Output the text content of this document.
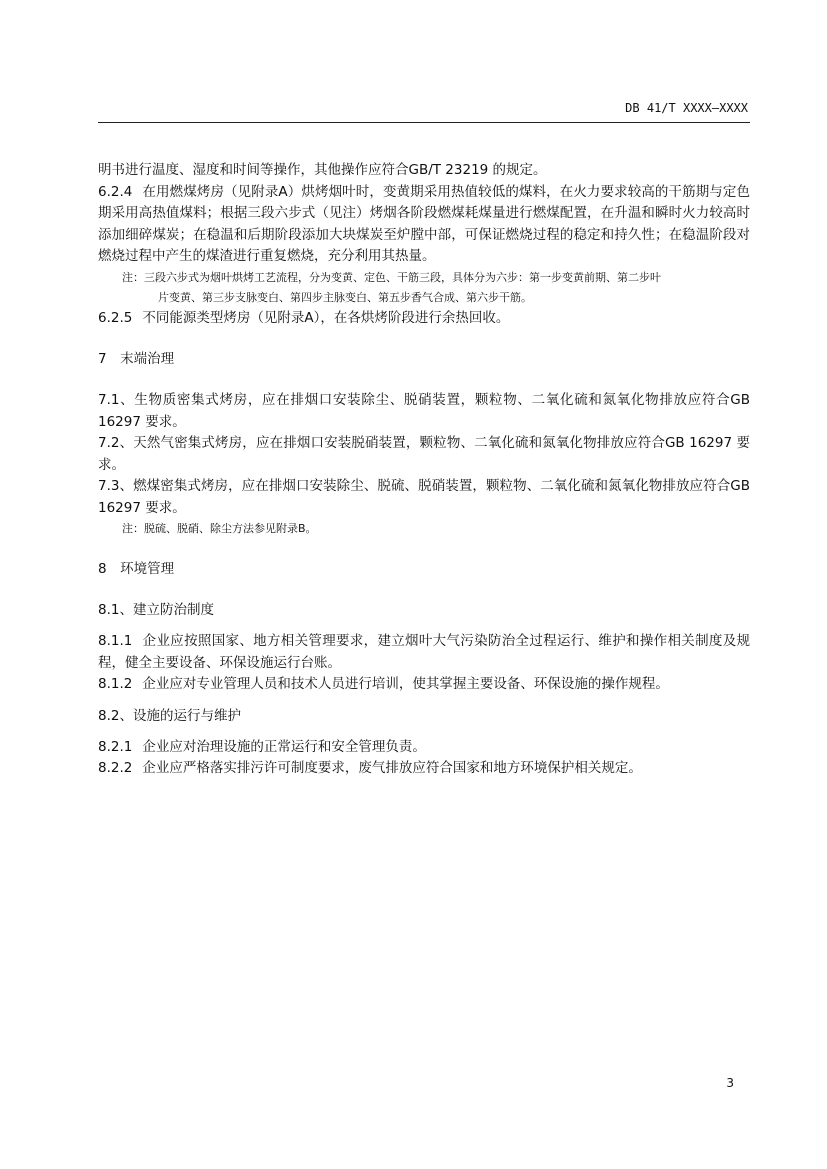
DB 41/T XXXX—XXXX

明书进行温度、湿度和时间等操作，其他操作应符合GB/T 23219 的规定。

6.2.4 在用燃煤烤房（见附录A）烘烤烟叶时，变黄期采用热值较低的煤料，在火力要求较高的干筋期与定色期采用高热值煤料；根据三段六步式（见注）烤烟各阶段燃煤耗煤量进行燃煤配置，在升温和瞬时火力较高时添加细碎煤炭；在稳温和后期阶段添加大块煤炭至炉膛中部，可保证燃烧过程的稳定和持久性；在稳温阶段对燃烧过程中产生的煤渣进行重复燃烧，充分利用其热量。

注：三段六步式为烟叶烘烤工艺流程，分为变黄、定色、干筋三段，具体分为六步：第一步变黄前期、第二步叶
片变黄、第三步支脉变白、第四步主脉变白、第五步香气合成、第六步干筋。

6.2.5 不同能源类型烤房（见附录A），在各烘烤阶段进行余热回收。

7　末端治理

7.1、生物质密集式烤房，应在排烟口安装除尘、脱硝装置，颗粒物、二氧化硫和氮氧化物排放应符合GB 16297 要求。

7.2、天然气密集式烤房，应在排烟口安装脱硝装置，颗粒物、二氧化硫和氮氧化物排放应符合GB 16297 要求。

7.3、燃煤密集式烤房，应在排烟口安装除尘、脱硫、脱硝装置，颗粒物、二氧化硫和氮氧化物排放应符合GB 16297 要求。

注：脱硫、脱硝、除尘方法参见附录B。

8　环境管理

8.1、建立防治制度

8.1.1 企业应按照国家、地方相关管理要求，建立烟叶大气污染防治全过程运行、维护和操作相关制度及规程，健全主要设备、环保设施运行台账。

8.1.2 企业应对专业管理人员和技术人员进行培训，使其掌握主要设备、环保设施的操作规程。

8.2、设施的运行与维护

8.2.1 企业应对治理设施的正常运行和安全管理负责。

8.2.2 企业应严格落实排污许可制度要求，废气排放应符合国家和地方环境保护相关规定。

3
